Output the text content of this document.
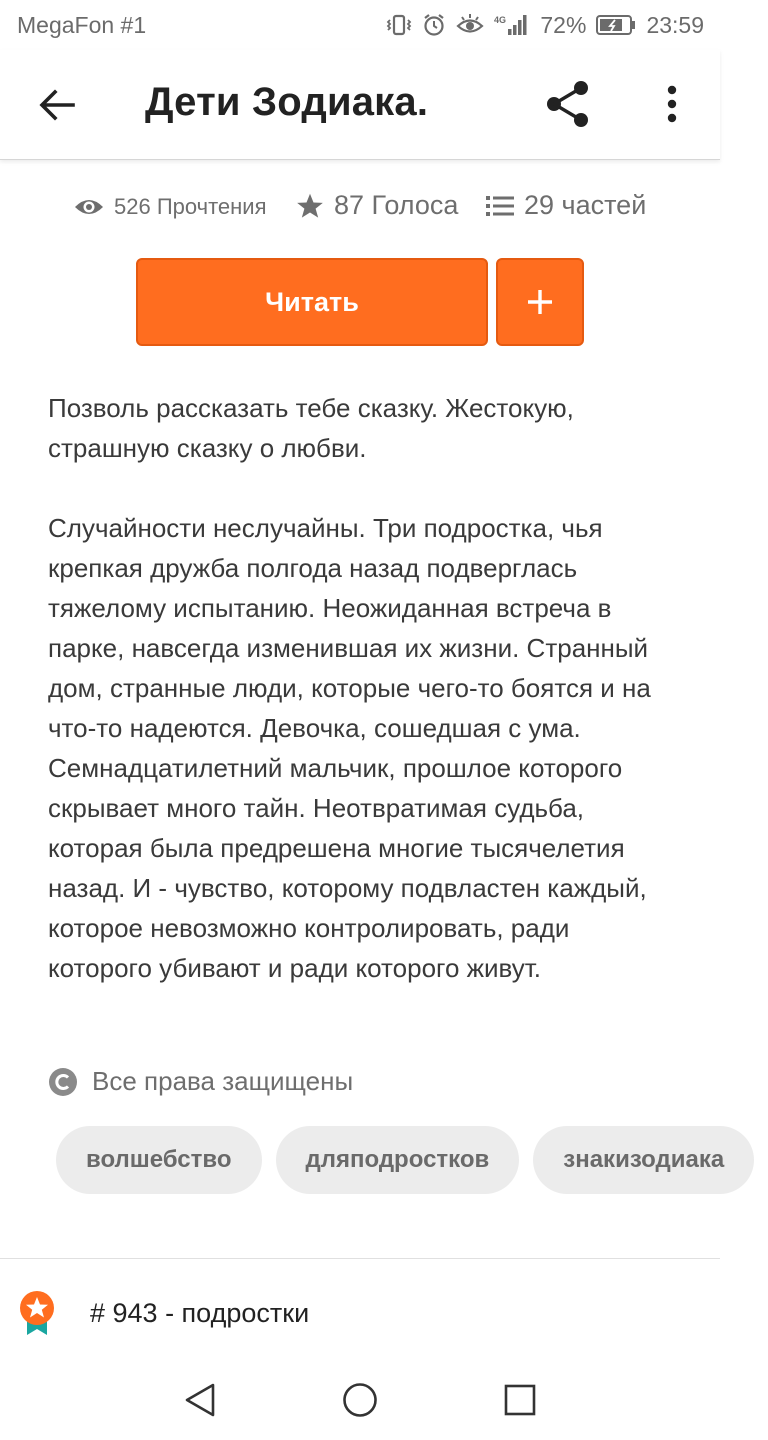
MegaFon #1	4G 72%	23:59
Дети Зодиака.
526 Прочтения	87 Голоса 29 частей
Читать

Позволь рассказать тебе сказку. Жестокую, страшную сказку о любви.

Случайности неслучайны. Три подростка, чья крепкая дружба полгода назад подверглась тяжелому испытанию. Неожиданная встреча в парке, навсегда изменившая их жизни. Странный дом, странные люди, которые чего-то боятся и на что-то надеются. Девочка, сошедшая с ума. Семнадцатилетний мальчик, прошлое которого скрывает много тайн. Неотвратимая судьба, которая была предрешена многие тысячелетия назад. И - чувство, которому подвластен каждый, которое невозможно контролировать, ради которого убивают и ради которого живут.

Все права защищены
волшебство	дляподростков	знакизодиака
# 943 - подростки
